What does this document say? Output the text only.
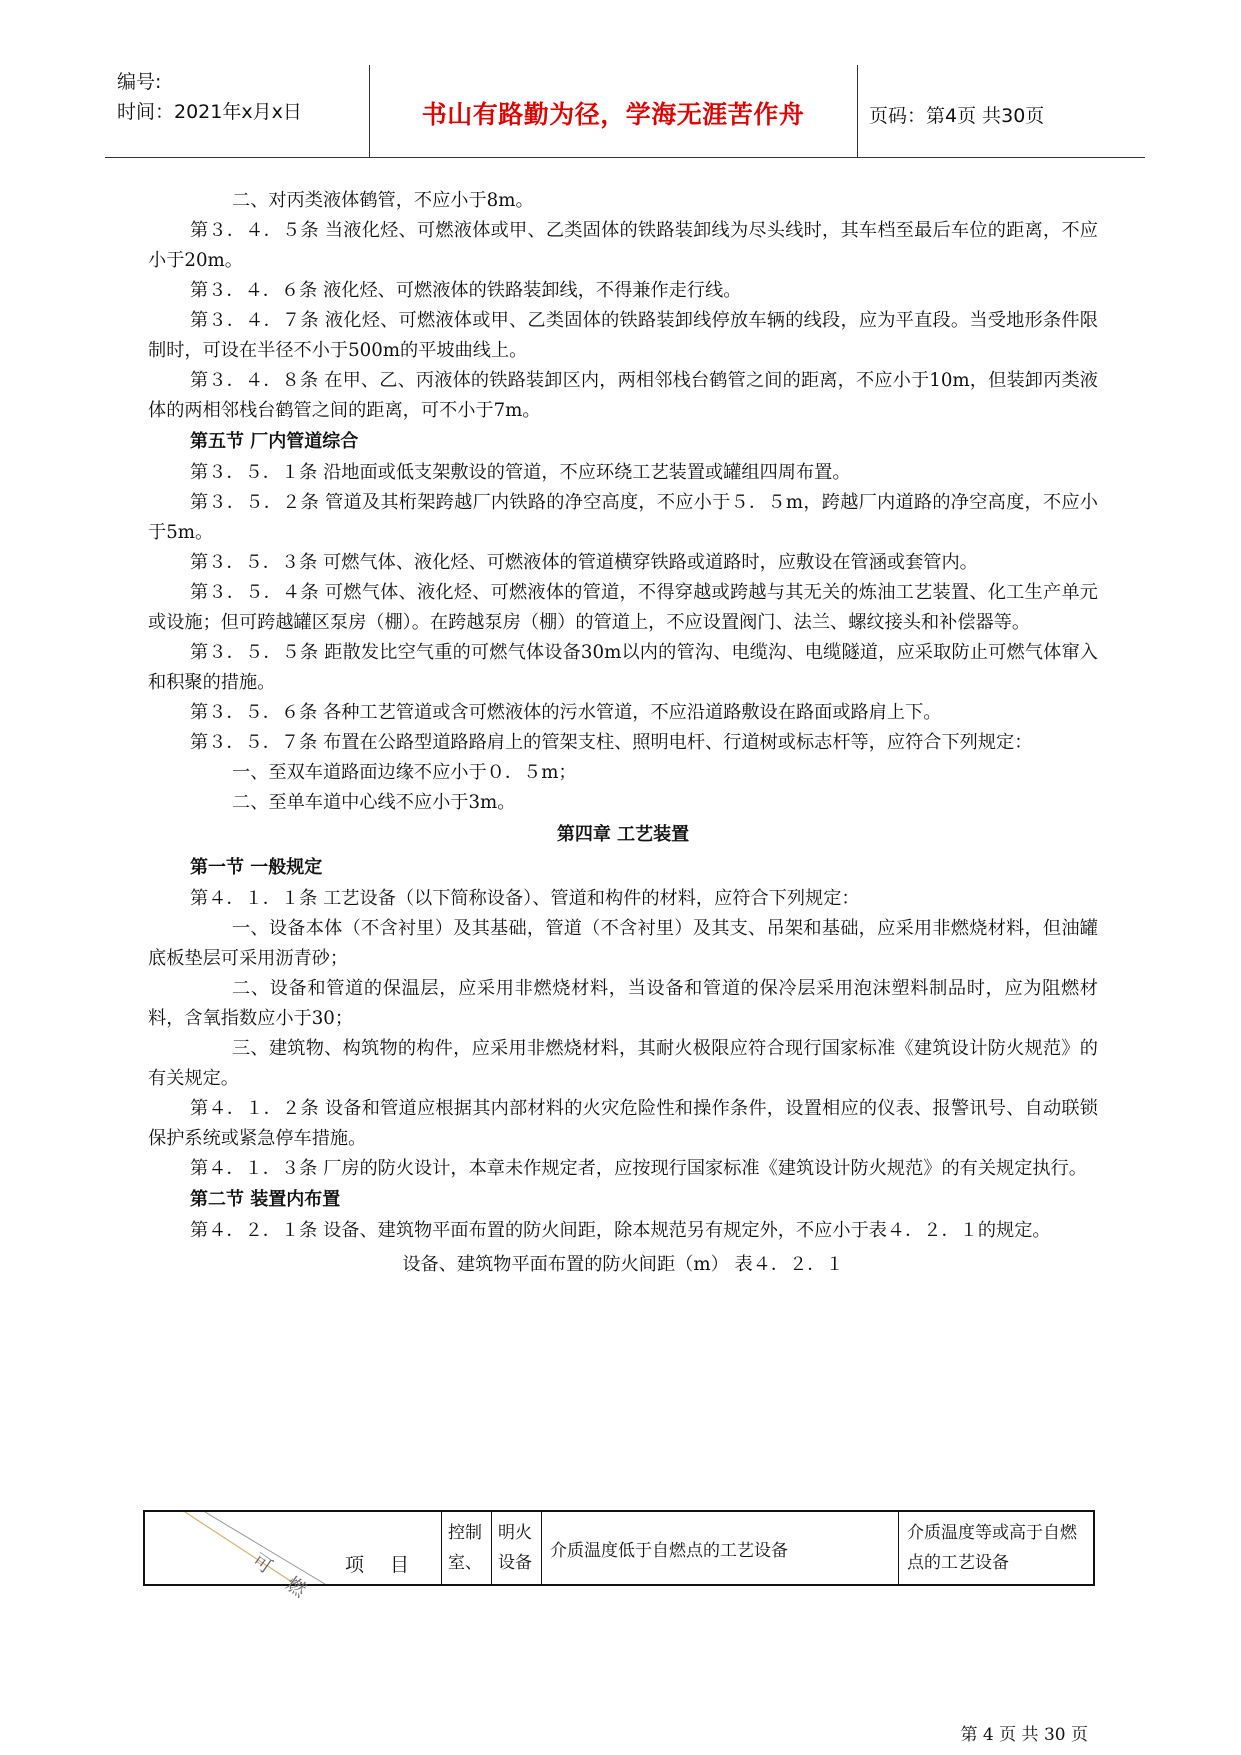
编号:
时间：2021年x月x日	书山有路勤为径，学海无涯苦作舟	页码：第4页 共30页

二、对丙类液体鹤管，不应小于8m。

第３．４．５条 当液化烃、可燃液体或甲、乙类固体的铁路装卸线为尽头线时，其车档至最后车位的距离，不应小于20m。

第３．４．６条 液化烃、可燃液体的铁路装卸线，不得兼作走行线。

第３．４．７条 液化烃、可燃液体或甲、乙类固体的铁路装卸线停放车辆的线段，应为平直段。当受地形条件限制时，可设在半径不小于500m的平坡曲线上。

第３．４．８条 在甲、乙、丙液体的铁路装卸区内，两相邻栈台鹤管之间的距离，不应小于10m，但装卸丙类液体的两相邻栈台鹤管之间的距离，可不小于7m。

第五节 厂内管道综合

第３．５．１条 沿地面或低支架敷设的管道，不应环绕工艺装置或罐组四周布置。

第３．５．２条 管道及其桁架跨越厂内铁路的净空高度，不应小于５．５m，跨越厂内道路的净空高度，不应小于5m。

第３．５．３条 可燃气体、液化烃、可燃液体的管道横穿铁路或道路时，应敷设在管涵或套管内。

第３．５．４条 可燃气体、液化烃、可燃液体的管道，不得穿越或跨越与其无关的炼油工艺装置、化工生产单元或设施；但可跨越罐区泵房（棚）。在跨越泵房（棚）的管道上，不应设置阀门、法兰、螺纹接头和补偿器等。

第３．５．５条 距散发比空气重的可燃气体设备30m以内的管沟、电缆沟、电缆隧道，应采取防止可燃气体窜入和积聚的措施。

第３．５．６条 各种工艺管道或含可燃液体的污水管道，不应沿道路敷设在路面或路肩上下。

第３．５．７条 布置在公路型道路路肩上的管架支柱、照明电杆、行道树或标志杆等，应符合下列规定：

一、至双车道路面边缘不应小于０．５m；

二、至单车道中心线不应小于3m。

第四章 工艺装置

第一节 一般规定

第４．１．１条 工艺设备（以下简称设备）、管道和构件的材料，应符合下列规定：

一、设备本体（不含衬里）及其基础，管道（不含衬里）及其支、吊架和基础，应采用非燃烧材料，但油罐底板垫层可采用沥青砂；

二、设备和管道的保温层，应采用非燃烧材料，当设备和管道的保冷层采用泡沫塑料制品时，应为阻燃材料，含氧指数应小于30；

三、建筑物、构筑物的构件，应采用非燃烧材料，其耐火极限应符合现行国家标准《建筑设计防火规范》的有关规定。

第４．１．２条 设备和管道应根据其内部材料的火灾危险性和操作条件，设置相应的仪表、报警讯号、自动联锁保护系统或紧急停车措施。

第４．１．３条 厂房的防火设计，本章未作规定者，应按现行国家标准《建筑设计防火规范》的有关规定执行。

第二节 装置内布置

第４．２．１条 设备、建筑物平面布置的防火间距，除本规范另有规定外，不应小于表４．２．１的规定。

设备、建筑物平面布置的防火间距（m） 表４．２．１

可 燃 项 目
控制室、
明火设备
介质温度低于自燃点的工艺设备
介质温度等或高于自燃点的工艺设备
第 4 页 共 30 页
